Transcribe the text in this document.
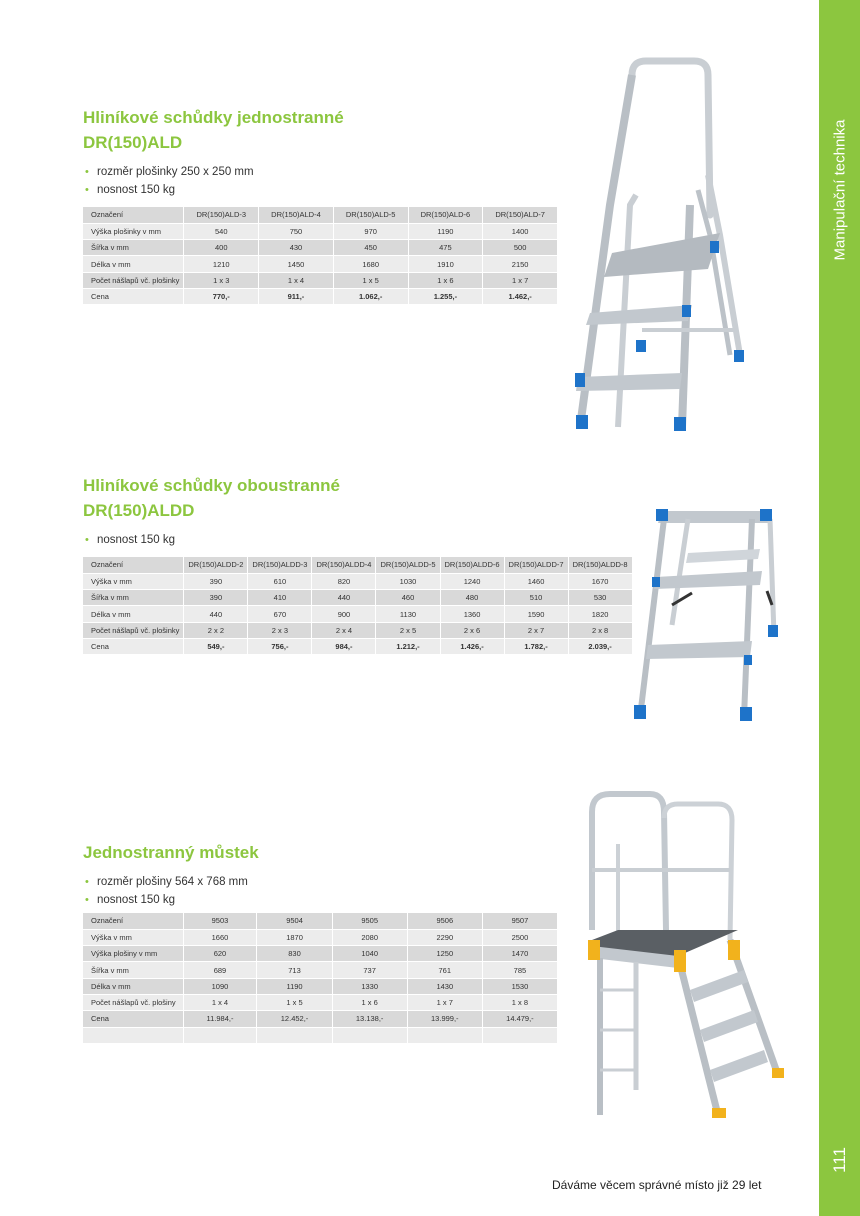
Manipulační technika
111
Hliníkové schůdky jednostranné
DR(150)ALD
• rozměr plošinky 250 x 250 mm
• nosnost 150 kg
Označení	DR(150)ALD-3	DR(150)ALD-4	DR(150)ALD-5	DR(150)ALD-6	DR(150)ALD-7
Výška plošinky v mm	540	750	970	1190	1400
Šířka v mm	400	430	450	475	500
Délka v mm	1210	1450	1680	1910	2150
Počet nášlapů vč. plošinky	1 x 3	1 x 4	1 x 5	1 x 6	1 x 7
Cena	770,-	911,-	1.062,-	1.255,-	1.462,-
Hliníkové schůdky oboustranné
DR(150)ALDD
• nosnost 150 kg
Označení	DR(150)ALDD-2	DR(150)ALDD-3	DR(150)ALDD-4	DR(150)ALDD-5	DR(150)ALDD-6	DR(150)ALDD-7	DR(150)ALDD-8
Výška v mm	390	610	820	1030	1240	1460	1670
Šířka v mm	390	410	440	460	480	510	530
Délka v mm	440	670	900	1130	1360	1590	1820
Počet nášlapů vč. plošinky	2 x 2	2 x 3	2 x 4	2 x 5	2 x 6	2 x 7	2 x 8
Cena	549,-	756,-	984,-	1.212,-	1.426,-	1.782,-	2.039,-
Jednostranný můstek
• rozměr plošiny 564 x 768 mm
• nosnost 150 kg
Označení	9503	9504	9505	9506	9507
Výška v mm	1660	1870	2080	2290	2500
Výška plošiny v mm	620	830	1040	1250	1470
Šířka v mm	689	713	737	761	785
Délka v mm	1090	1190	1330	1430	1530
Počet nášlapů vč. plošiny	1 x 4	1 x 5	1 x 6	1 x 7	1 x 8
Cena	11.984,-	12.452,-	13.138,-	13.999,-	14.479,-

Dáváme věcem správné místo již 29 let
